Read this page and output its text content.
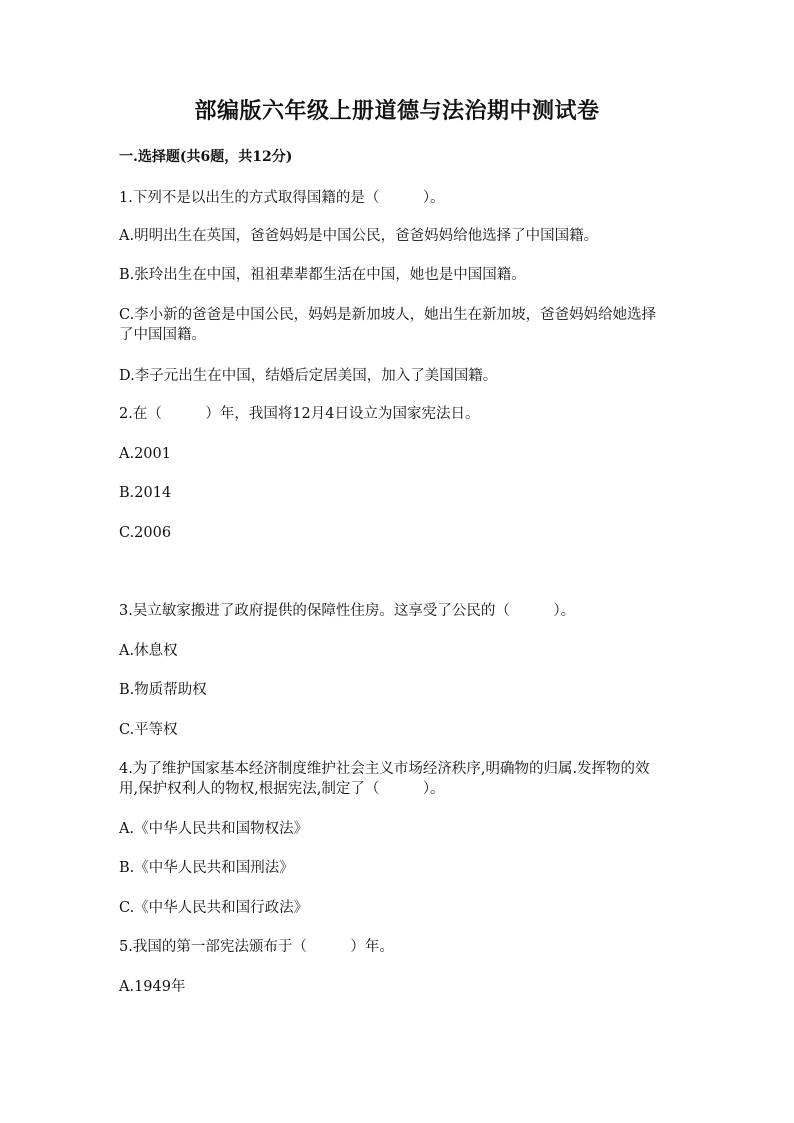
部编版六年级上册道德与法治期中测试卷
一.选择题(共6题，共12分)
1.下列不是以出生的方式取得国籍的是（　　　）。
A.明明出生在英国，爸爸妈妈是中国公民，爸爸妈妈给他选择了中国国籍。
B.张玲出生在中国，祖祖辈辈都生活在中国，她也是中国国籍。
C.李小新的爸爸是中国公民，妈妈是新加坡人，她出生在新加坡，爸爸妈妈给她选择了中国国籍。
D.李子元出生在中国，结婚后定居美国，加入了美国国籍。
2.在（　　　）年，我国将12月4日设立为国家宪法日。
A.2001
B.2014
C.2006
3.吴立敏家搬进了政府提供的保障性住房。这享受了公民的（　　　）。
A.休息权
B.物质帮助权
C.平等权
4.为了维护国家基本经济制度维护社会主义市场经济秩序,明确物的归属.发挥物的效用,保护权利人的物权,根据宪法,制定了（　　　）。
A.《中华人民共和国物权法》
B.《中华人民共和国刑法》
C.《中华人民共和国行政法》
5.我国的第一部宪法颁布于（　　　）年。
A.1949年
